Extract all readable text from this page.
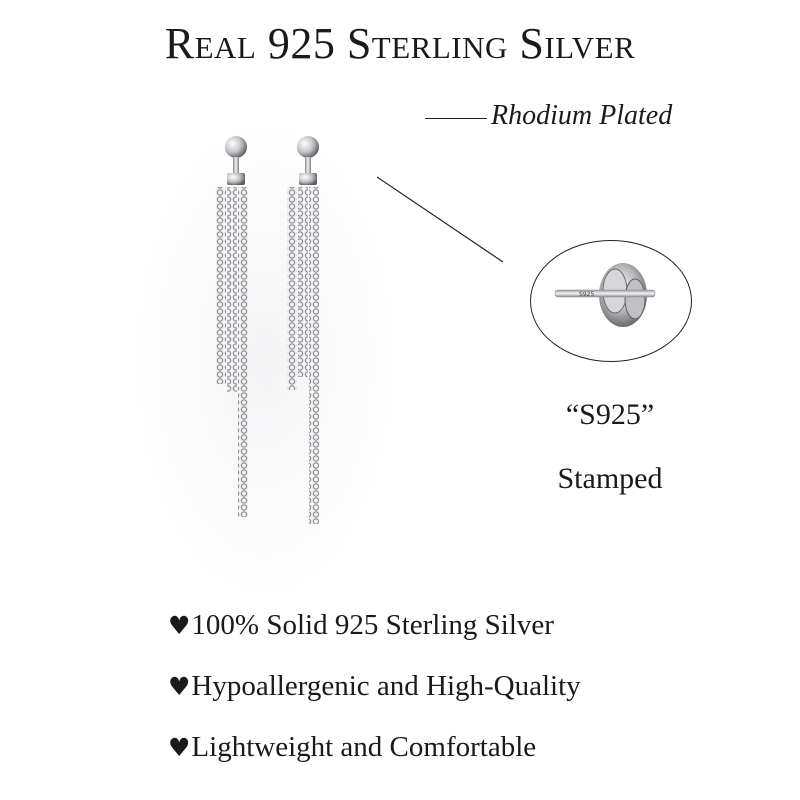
Real 925 Sterling Silver
Rhodium Plated
S925
“S925”
Stamped
♥ 100% Solid 925 Sterling Silver
♥ Hypoallergenic and High-Quality
♥ Lightweight and Comfortable
